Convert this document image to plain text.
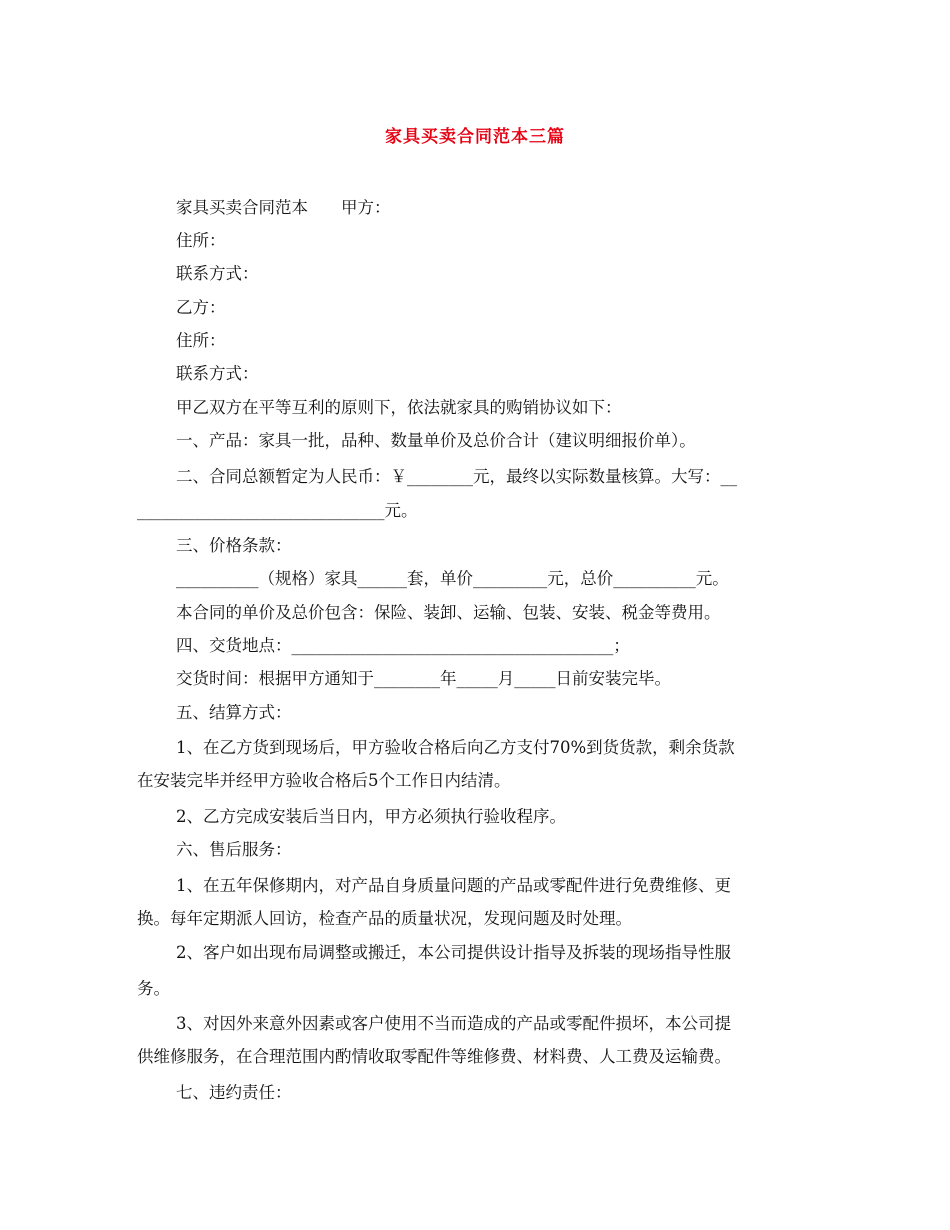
家具买卖合同范本三篇
家具买卖合同范本　　甲方：
住所：
联系方式：
乙方：
住所：
联系方式：
甲乙双方在平等互利的原则下，依法就家具的购销协议如下：
一、产品：家具一批，品种、数量单价及总价合计（建议明细报价单）。
二、合同总额暂定为人民币：￥________元，最终以实际数量核算。大写：__
______________________________元。
三、价格条款：
__________（规格）家具______套，单价_________元，总价__________元。
本合同的单价及总价包含：保险、装卸、运输、包装、安装、税金等费用。
四、交货地点：_______________________________________；
交货时间：根据甲方通知于________年_____月_____日前安装完毕。
五、结算方式：
1、在乙方货到现场后，甲方验收合格后向乙方支付70%到货货款，剩余货款
在安装完毕并经甲方验收合格后5个工作日内结清。
2、乙方完成安装后当日内，甲方必须执行验收程序。
六、售后服务：
1、在五年保修期内，对产品自身质量问题的产品或零配件进行免费维修、更
换。每年定期派人回访，检查产品的质量状况，发现问题及时处理。
2、客户如出现布局调整或搬迁，本公司提供设计指导及拆装的现场指导性服
务。
3、对因外来意外因素或客户使用不当而造成的产品或零配件损坏，本公司提
供维修服务，在合理范围内酌情收取零配件等维修费、材料费、人工费及运输费。
七、违约责任：
